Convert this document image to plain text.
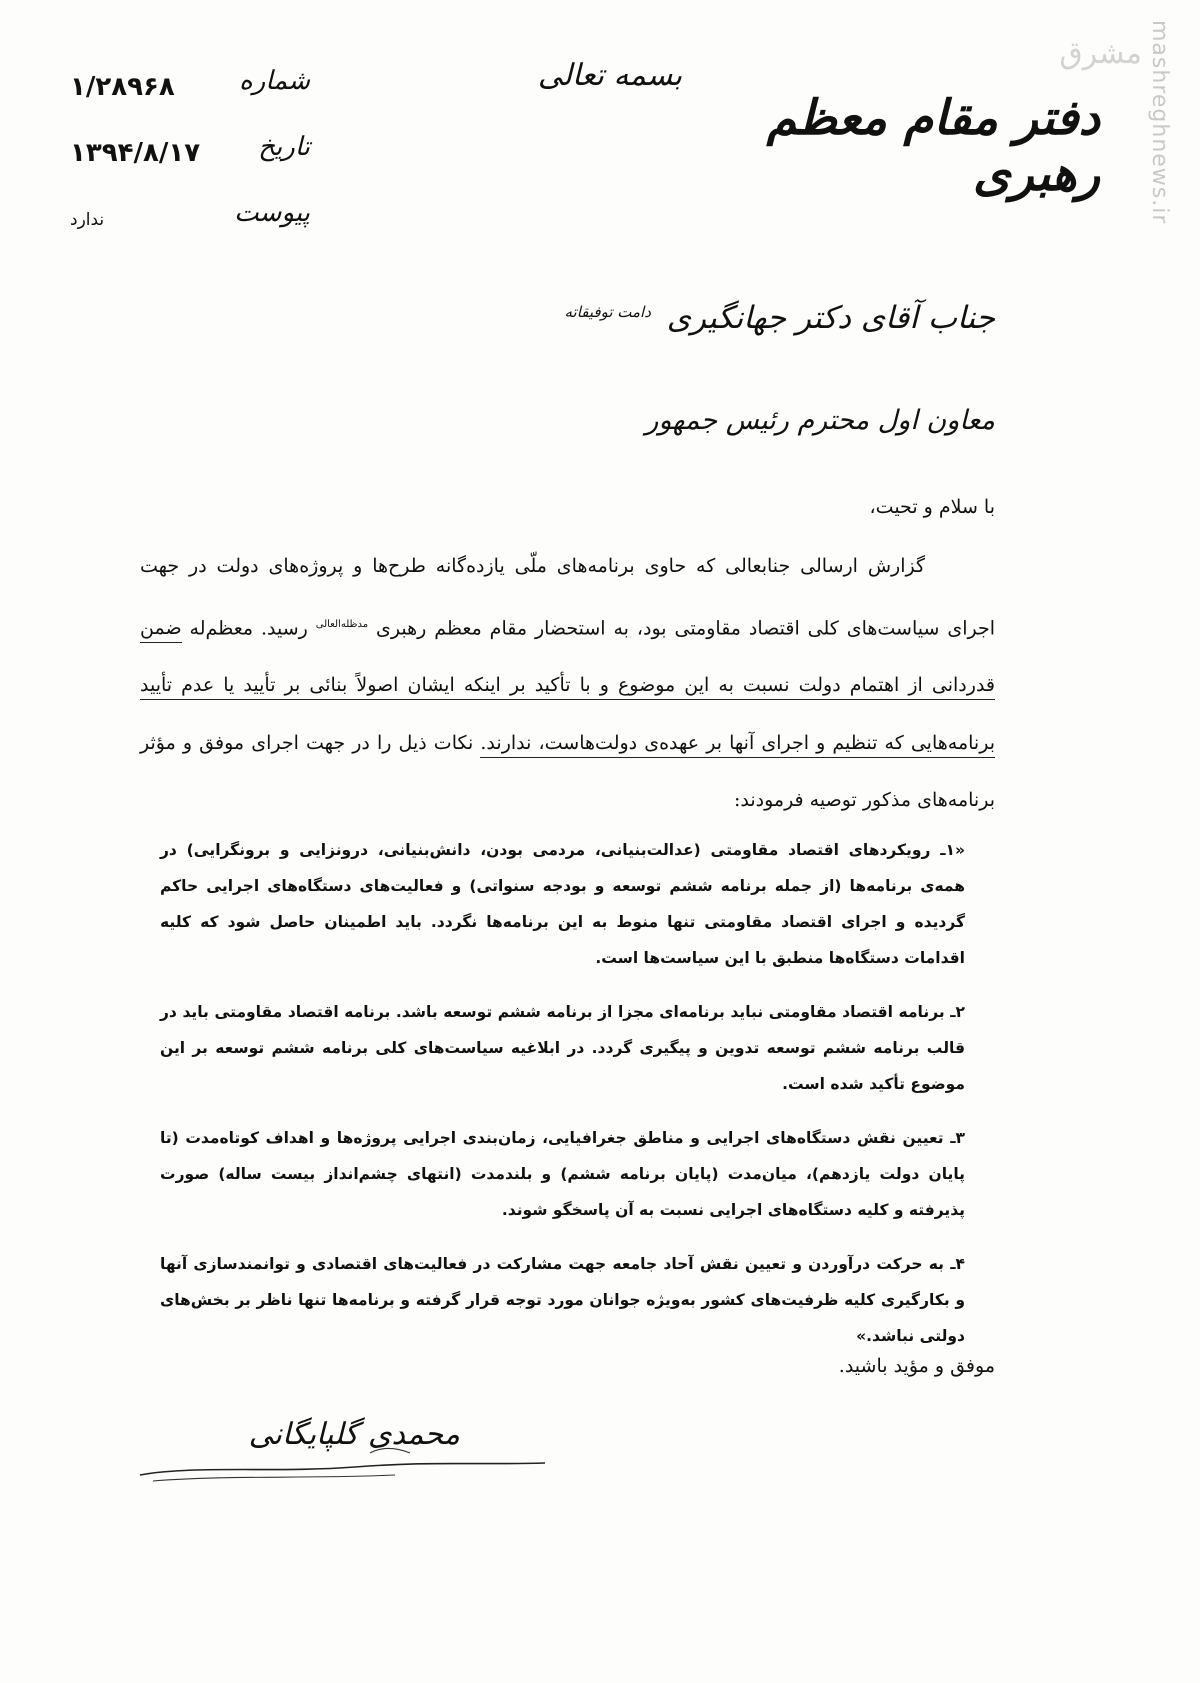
mashreghnews.ir
مشرق
بسمه تعالی
دفتر مقام معظم رهبری
شماره
۱/۲۸۹۶۸
تاریخ
۱۳۹۴/۸/۱۷
پیوست
ندارد
جناب آقای دکتر جهانگیری $^{دامت توفیقاته}$
معاون اول محترم رئیس جمهور
با سلام و تحیت،
گزارش ارسالی جنابعالی که حاوی برنامه‌های ملّی یازده‌گانه طرح‌ها و پروژه‌های دولت در جهت اجرای سیاست‌های کلی اقتصاد مقاومتی بود، به استحضار مقام معظم رهبری $^{مدظله‌العالی}$ رسید. معظم‌له ضمن قدردانی از اهتمام دولت نسبت به این موضوع و با تأکید بر اینکه ایشان اصولاً بنائی بر تأیید یا عدم تأیید برنامه‌هایی که تنظیم و اجرای آنها بر عهده‌ی دولت‌هاست، ندارند. نکات ذیل را در جهت اجرای موفق و مؤثر برنامه‌های مذکور توصیه فرمودند:

«۱ـ رویکردهای اقتصاد مقاومتی (عدالت‌بنیانی، مردمی بودن، دانش‌بنیانی، درونزایی و برونگرایی) در همه‌ی برنامه‌ها (از جمله برنامه ششم توسعه و بودجه سنواتی) و فعالیت‌های دستگاه‌های اجرایی حاکم گردیده و اجرای اقتصاد مقاومتی تنها منوط به این برنامه‌ها نگردد. باید اطمینان حاصل شود که کلیه اقدامات دستگاه‌ها منطبق با این سیاست‌ها است.

۲ـ برنامه اقتصاد مقاومتی نباید برنامه‌ای مجزا از برنامه ششم توسعه باشد. برنامه اقتصاد مقاومتی باید در قالب برنامه ششم توسعه تدوین و پیگیری گردد. در ابلاغیه سیاست‌های کلی برنامه ششم توسعه بر این موضوع تأکید شده است.

۳ـ تعیین نقش دستگاه‌های اجرایی و مناطق جغرافیایی، زمان‌بندی اجرایی پروژه‌ها و اهداف کوتاه‌مدت (تا پایان دولت یازدهم)، میان‌مدت (پایان برنامه ششم) و بلندمدت (انتهای چشم‌انداز بیست ساله) صورت پذیرفته و کلیه دستگاه‌های اجرایی نسبت به آن پاسخگو شوند.

۴ـ به حرکت درآوردن و تعیین نقش آحاد جامعه جهت مشارکت در فعالیت‌های اقتصادی و توانمندسازی آنها و بکارگیری کلیه ظرفیت‌های کشور به‌ویژه جوانان مورد توجه قرار گرفته و برنامه‌ها تنها ناظر بر بخش‌های دولتی نباشد.»

موفق و مؤید باشید.
محمدی گلپایگانی
